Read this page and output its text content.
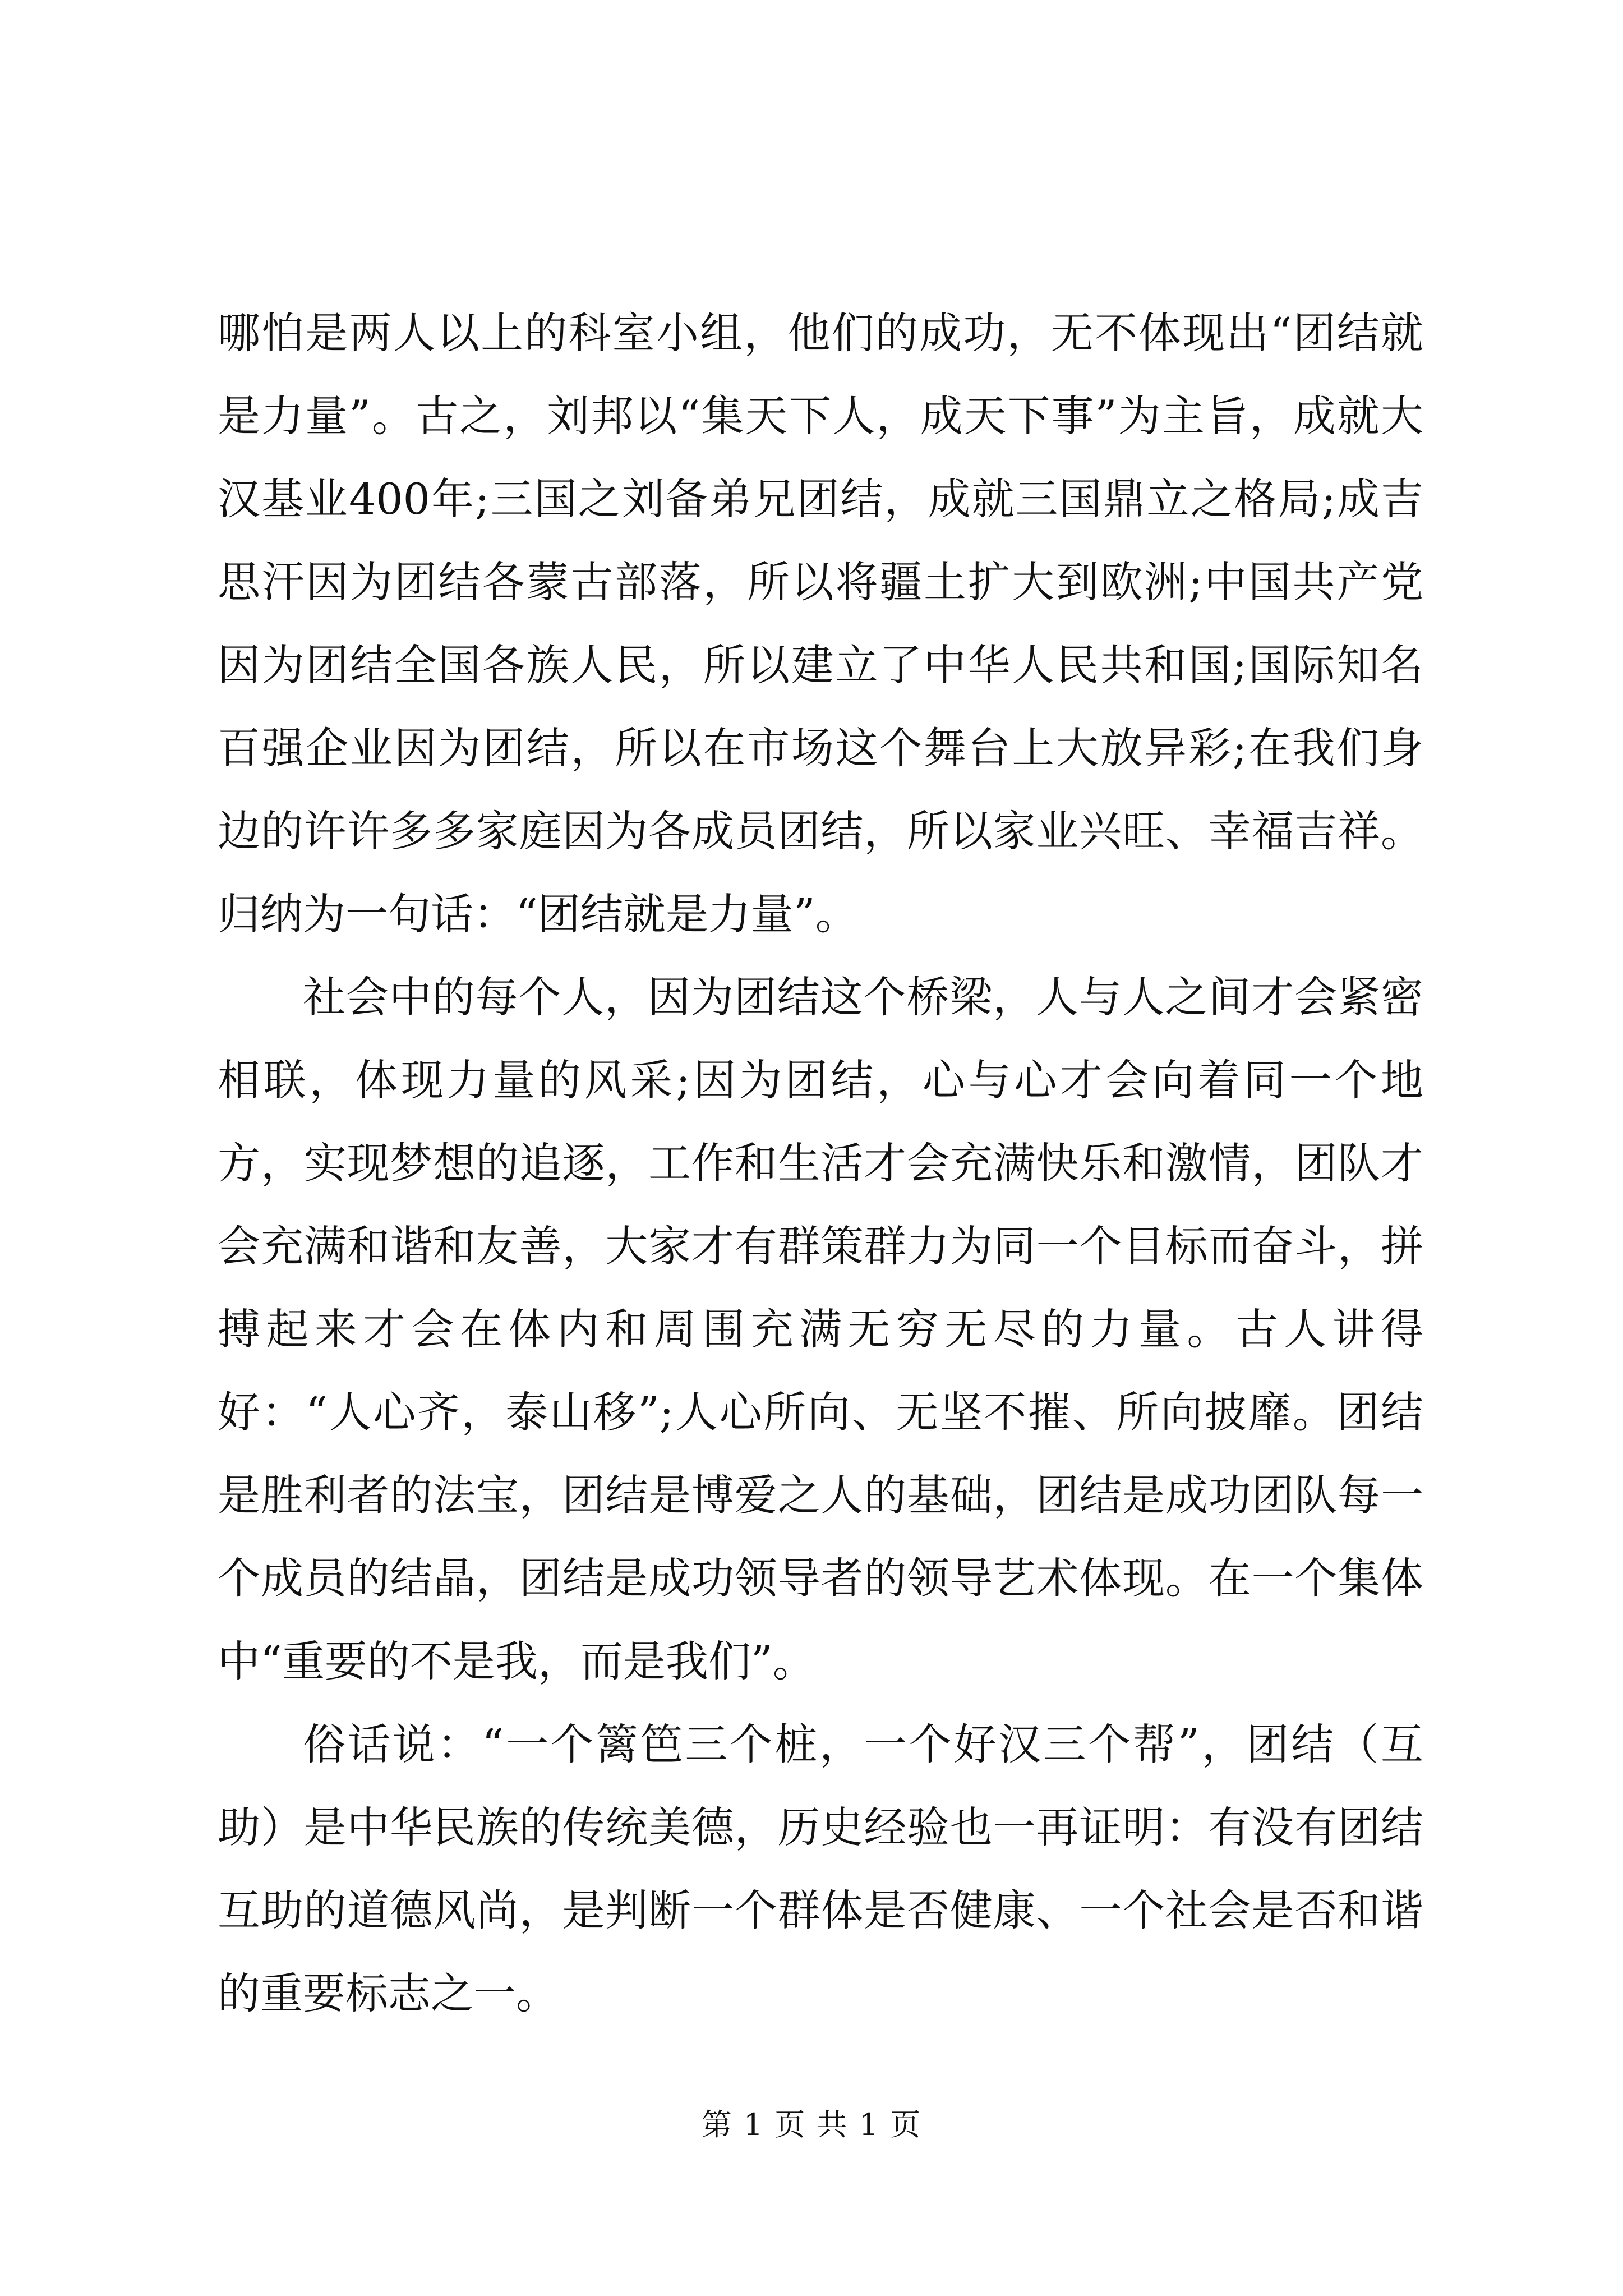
哪怕是两人以上的科室小组，他们的成功，无不体现出“团结就是力量”。古之，刘邦以“集天下人，成天下事”为主旨，成就大汉基业400年;三国之刘备弟兄团结，成就三国鼎立之格局;成吉思汗因为团结各蒙古部落，所以将疆土扩大到欧洲;中国共产党因为团结全国各族人民，所以建立了中华人民共和国;国际知名百强企业因为团结，所以在市场这个舞台上大放异彩;在我们身边的许许多多家庭因为各成员团结，所以家业兴旺、幸福吉祥。归纳为一句话：“团结就是力量”。

社会中的每个人，因为团结这个桥梁，人与人之间才会紧密相联，体现力量的风采;因为团结，心与心才会向着同一个地方，实现梦想的追逐，工作和生活才会充满快乐和激情，团队才会充满和谐和友善，大家才有群策群力为同一个目标而奋斗，拼搏起来才会在体内和周围充满无穷无尽的力量。古人讲得好：“人心齐，泰山移”;人心所向、无坚不摧、所向披靡。团结是胜利者的法宝，团结是博爱之人的基础，团结是成功团队每一个成员的结晶，团结是成功领导者的领导艺术体现。在一个集体中“重要的不是我，而是我们”。

俗话说：“一个篱笆三个桩，一个好汉三个帮”，团结（互助）是中华民族的传统美德，历史经验也一再证明：有没有团结互助的道德风尚，是判断一个群体是否健康、一个社会是否和谐的重要标志之一。

第 1 页 共 1 页
